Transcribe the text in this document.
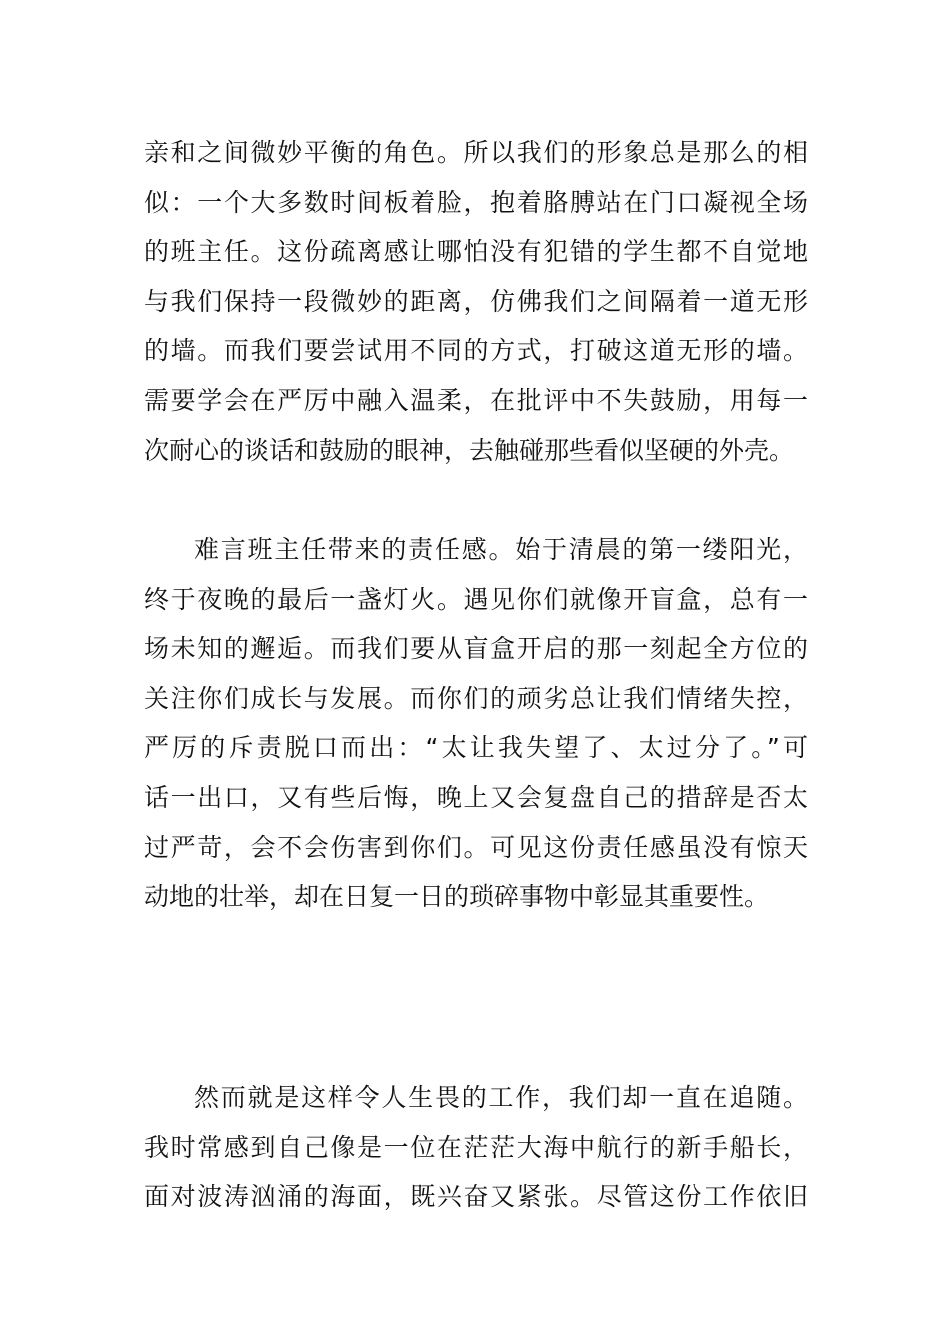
亲和之间微妙平衡的角色。所以我们的形象总是那么的相
似：一个大多数时间板着脸，抱着胳膊站在门口凝视全场
的班主任。这份疏离感让哪怕没有犯错的学生都不自觉地
与我们保持一段微妙的距离，仿佛我们之间隔着一道无形
的墙。而我们要尝试用不同的方式，打破这道无形的墙。
需要学会在严厉中融入温柔，在批评中不失鼓励，用每一
次耐心的谈话和鼓励的眼神，去触碰那些看似坚硬的外壳。
难言班主任带来的责任感。始于清晨的第一缕阳光，
终于夜晚的最后一盏灯火。遇见你们就像开盲盒，总有一
场未知的邂逅。而我们要从盲盒开启的那一刻起全方位的
关注你们成长与发展。而你们的顽劣总让我们情绪失控，
严厉的斥责脱口而出：“太让我失望了、太过分了。”可
话一出口，又有些后悔，晚上又会复盘自己的措辞是否太
过严苛，会不会伤害到你们。可见这份责任感虽没有惊天
动地的壮举，却在日复一日的琐碎事物中彰显其重要性。
然而就是这样令人生畏的工作，我们却一直在追随。
我时常感到自己像是一位在茫茫大海中航行的新手船长，
面对波涛汹涌的海面，既兴奋又紧张。尽管这份工作依旧
